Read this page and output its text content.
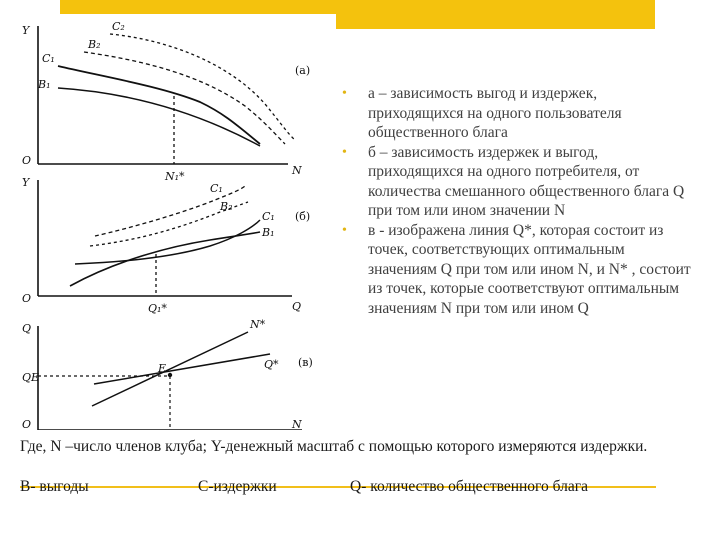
Y
O
N
(а)
C₁
B₁
B₂
C₂
N₁*
Y
O
Q
(б)
C₁
B₂
C₁
B₁
Q₁*
Q
O	N
(в)
N*
Q*
E
QЕ
• а – зависимость выгод и издержек, приходящихся на одного пользователя общественного блага
• б – зависимость издержек и выгод, приходящихся на одного потребителя, от количества смешанного общественного блага Q при том или ином значении N
• в - изображена линия Q*, которая состоит из точек, соответствующих оптимальным значениям Q при том или ином N, и N* , состоит из точек, которые соответствуют оптимальным значениям N при том или ином Q
Где, N –число членов клуба; Y-денежный масштаб с помощью которого измеряются издержки.
В- выгоды	С-издержки	Q- количество общественного блага
